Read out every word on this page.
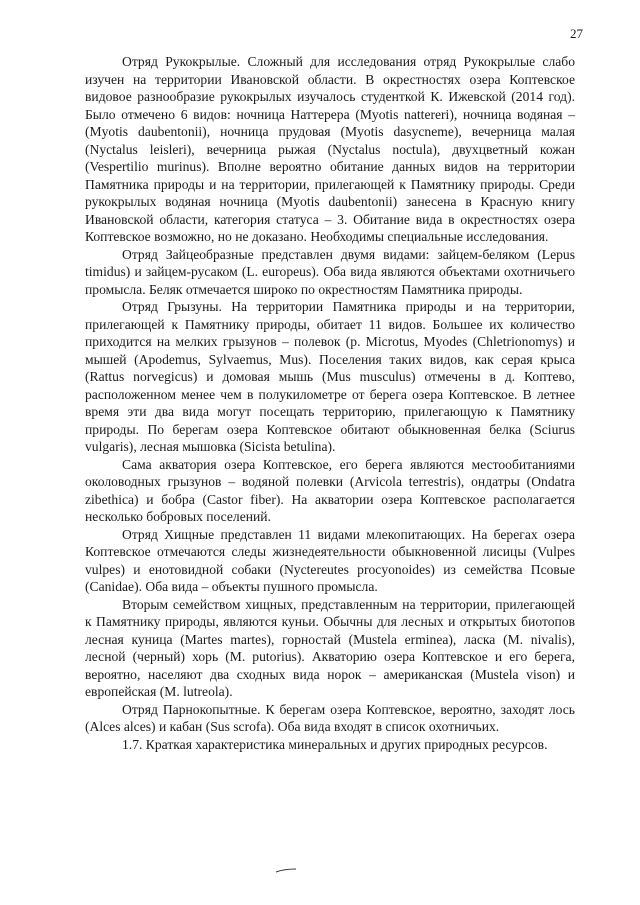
27

Отряд Рукокрылые. Сложный для исследования отряд Рукокрылые слабо изучен на территории Ивановской области. В окрестностях озера Коптевское видовое разнообразие рукокрылых изучалось студенткой К. Ижевской (2014 год). Было отмечено 6 видов: ночница Наттерера (Myotis nattereri), ночница водяная – (Myotis daubentonii), ночница прудовая (Myotis dasycneme), вечерница малая (Nyctalus leisleri), вечерница рыжая (Nyctalus noctula), двухцветный кожан (Vespertilio murinus). Вполне вероятно обитание данных видов на территории Памятника природы и на территории, прилегающей к Памятнику природы. Среди рукокрылых водяная ночница (Myotis daubentonii) занесена в Красную книгу Ивановской области, категория статуса – 3. Обитание вида в окрестностях озера Коптевское возможно, но не доказано. Необходимы специальные исследования.

Отряд Зайцеобразные представлен двумя видами: зайцем-беляком (Lepus timidus) и зайцем-русаком (L. europeus). Оба вида являются объектами охотничьего промысла. Беляк отмечается широко по окрестностям Памятника природы.

Отряд Грызуны. На территории Памятника природы и на территории, прилегающей к Памятнику природы, обитает 11 видов. Большее их количество приходится на мелких грызунов – полевок (р. Microtus, Myodes (Chletrionomys) и мышей (Apodemus, Sylvaemus, Mus). Поселения таких видов, как серая крыса (Rattus norvegicus) и домовая мышь (Mus musculus) отмечены в д. Коптево, расположенном менее чем в полукилометре от берега озера Коптевское. В летнее время эти два вида могут посещать территорию, прилегающую к Памятнику природы. По берегам озера Коптевское обитают обыкновенная белка (Sciurus vulgaris), лесная мышовка (Sicista betulina).

Сама акватория озера Коптевское, его берега являются местообитаниями околоводных грызунов – водяной полевки (Arvicola terrestris), ондатры (Ondatra zibethica) и бобра (Castor fiber). На акватории озера Коптевское располагается несколько бобровых поселений.

Отряд Хищные представлен 11 видами млекопитающих. На берегах озера Коптевское отмечаются следы жизнедеятельности обыкновенной лисицы (Vulpes vulpes) и енотовидной собаки (Nyctereutes procyonoides) из семейства Псовые (Canidae). Оба вида – объекты пушного промысла.

Вторым семейством хищных, представленным на территории, прилегающей к Памятнику природы, являются куньи. Обычны для лесных и открытых биотопов лесная куница (Martes martes), горностай (Mustela erminea), ласка (M. nivalis), лесной (черный) хорь (M. putorius). Акваторию озера Коптевское и его берега, вероятно, населяют два сходных вида норок – американская (Mustela vison) и европейская (M. lutreola).

Отряд Парнокопытные. К берегам озера Коптевское, вероятно, заходят лось (Alces alces) и кабан (Sus scrofa). Оба вида входят в список охотничьих.

1.7. Краткая характеристика минеральных и других природных ресурсов.
